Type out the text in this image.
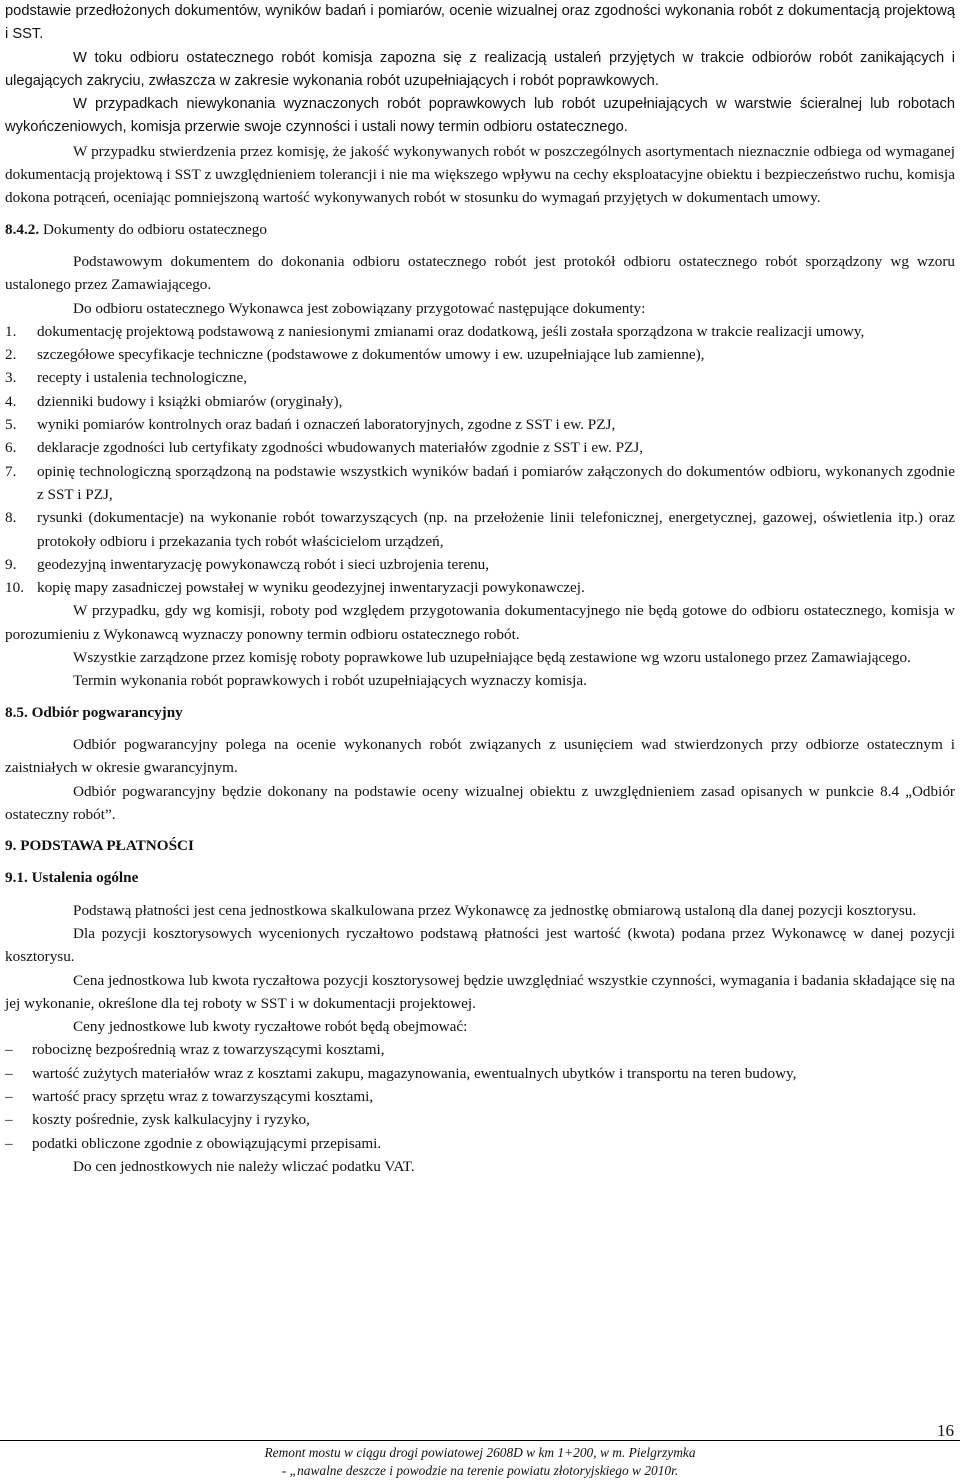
podstawie przedłożonych dokumentów, wyników badań i pomiarów, ocenie wizualnej oraz zgodności wykonania robót z dokumentacją projektową i SST.

W toku odbioru ostatecznego robót komisja zapozna się z realizacją ustaleń przyjętych w trakcie odbiorów robót zanikających i ulegających zakryciu, zwłaszcza w zakresie wykonania robót uzupełniających i robót poprawkowych.

W przypadkach niewykonania wyznaczonych robót poprawkowych lub robót uzupełniających w warstwie ścieralnej lub robotach wykończeniowych, komisja przerwie swoje czynności i ustali nowy termin odbioru ostatecznego.

W przypadku stwierdzenia przez komisję, że jakość wykonywanych robót w poszczególnych asortymentach nieznacznie odbiega od wymaganej dokumentacją projektową i SST z uwzględnieniem tolerancji i nie ma większego wpływu na cechy eksploatacyjne obiektu i bezpieczeństwo ruchu, komisja dokona potrąceń, oceniając pomniejszoną wartość wykonywanych robót w stosunku do wymagań przyjętych w dokumentach umowy.

8.4.2. Dokumenty do odbioru ostatecznego

Podstawowym dokumentem do dokonania odbioru ostatecznego robót jest protokół odbioru ostatecznego robót sporządzony wg wzoru ustalonego przez Zamawiającego.

Do odbioru ostatecznego Wykonawca jest zobowiązany przygotować następujące dokumenty:

1. dokumentację projektową podstawową z naniesionymi zmianami oraz dodatkową, jeśli została sporządzona w trakcie realizacji umowy,
2. szczegółowe specyfikacje techniczne (podstawowe z dokumentów umowy i ew. uzupełniające lub zamienne),
3. recepty i ustalenia technologiczne,
4. dzienniki budowy i książki obmiarów (oryginały),
5. wyniki pomiarów kontrolnych oraz badań i oznaczeń laboratoryjnych, zgodne z SST i ew. PZJ,
6. deklaracje zgodności lub certyfikaty zgodności wbudowanych materiałów zgodnie z SST i ew. PZJ,
7. opinię technologiczną sporządzoną na podstawie wszystkich wyników badań i pomiarów załączonych do dokumentów odbioru, wykonanych zgodnie z SST i PZJ,
8. rysunki (dokumentacje) na wykonanie robót towarzyszących (np. na przełożenie linii telefonicznej, energetycznej, gazowej, oświetlenia itp.) oraz protokoły odbioru i przekazania tych robót właścicielom urządzeń,
9. geodezyjną inwentaryzację powykonawczą robót i sieci uzbrojenia terenu,
10. kopię mapy zasadniczej powstałej w wyniku geodezyjnej inwentaryzacji powykonawczej.

W przypadku, gdy wg komisji, roboty pod względem przygotowania dokumentacyjnego nie będą gotowe do odbioru ostatecznego, komisja w porozumieniu z Wykonawcą wyznaczy ponowny termin odbioru ostatecznego robót.

Wszystkie zarządzone przez komisję roboty poprawkowe lub uzupełniające będą zestawione wg wzoru ustalonego przez Zamawiającego.

Termin wykonania robót poprawkowych i robót uzupełniających wyznaczy komisja.

8.5. Odbiór pogwarancyjny

Odbiór pogwarancyjny polega na ocenie wykonanych robót związanych z usunięciem wad stwierdzonych przy odbiorze ostatecznym i zaistniałych w okresie gwarancyjnym.

Odbiór pogwarancyjny będzie dokonany na podstawie oceny wizualnej obiektu z uwzględnieniem zasad opisanych w punkcie 8.4 „Odbiór ostateczny robót”.

9. PODSTAWA PŁATNOŚCI
9.1. Ustalenia ogólne

Podstawą płatności jest cena jednostkowa skalkulowana przez Wykonawcę za jednostkę obmiarową ustaloną dla danej pozycji kosztorysu.

Dla pozycji kosztorysowych wycenionych ryczałtowo podstawą płatności jest wartość (kwota) podana przez Wykonawcę w danej pozycji kosztorysu.

Cena jednostkowa lub kwota ryczałtowa pozycji kosztorysowej będzie uwzględniać wszystkie czynności, wymagania i badania składające się na jej wykonanie, określone dla tej roboty w SST i w dokumentacji projektowej.

Ceny jednostkowe lub kwoty ryczałtowe robót będą obejmować:

– robociznę bezpośrednią wraz z towarzyszącymi kosztami,
– wartość zużytych materiałów wraz z kosztami zakupu, magazynowania, ewentualnych ubytków i transportu na teren budowy,
– wartość pracy sprzętu wraz z towarzyszącymi kosztami,
– koszty pośrednie, zysk kalkulacyjny i ryzyko,
– podatki obliczone zgodnie z obowiązującymi przepisami.

Do cen jednostkowych nie należy wliczać podatku VAT.

16
Remont mostu w ciągu drogi powiatowej 2608D w km 1+200, w m. Pielgrzymka
- „nawalne deszcze i powodzie na terenie powiatu złotoryjskiego w 2010r.
